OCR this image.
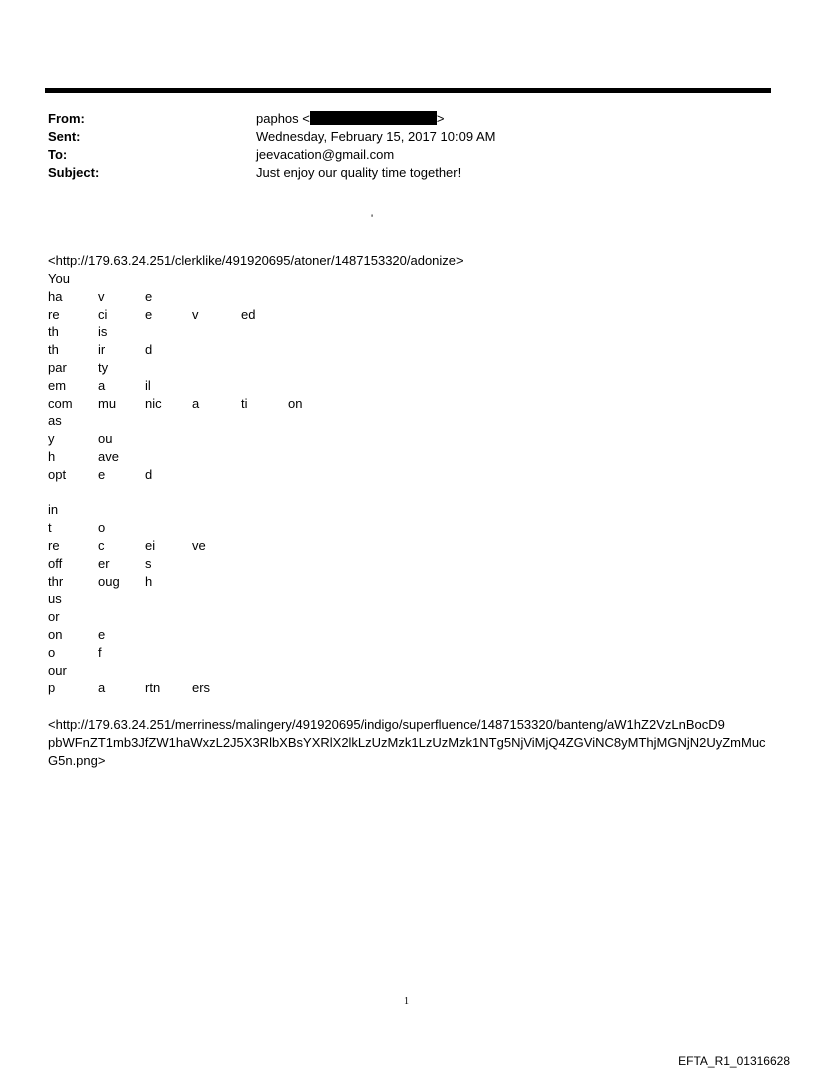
From:	paphos <	>
Sent:	Wednesday, February 15, 2017 10:09 AM
To:	jeevacation@gmail.com
Subject:	Just enjoy our quality time together!
'
<http://179.63.24.251/clerklike/491920695/atoner/1487153320/adonize>
You
ha	v	e
re	ci	e	v	ed
th	is
th	ir	d
par ty
em a	il
com mu nic a	ti	on
as
y	ou
h	ave
opt e	d
in
t	o
re	c	ei	ve
off	er	s
thr	oug h
us
or
on	e
o	f
our
p	a	rtn ers
<http://179.63.24.251/merriness/malingery/491920695/indigo/superfluence/1487153320/banteng/aW1hZ2VzLnBocD9
pbWFnZT1mb3JfZW1haWxzL2J5X3RlbXBsYXRlX2lkLzUzMzk1LzUzMzk1NTg5NjViMjQ4ZGViNC8yMThjMGNjN2UyZmMuc
G5n.png>
1
EFTA_R1_01316628
